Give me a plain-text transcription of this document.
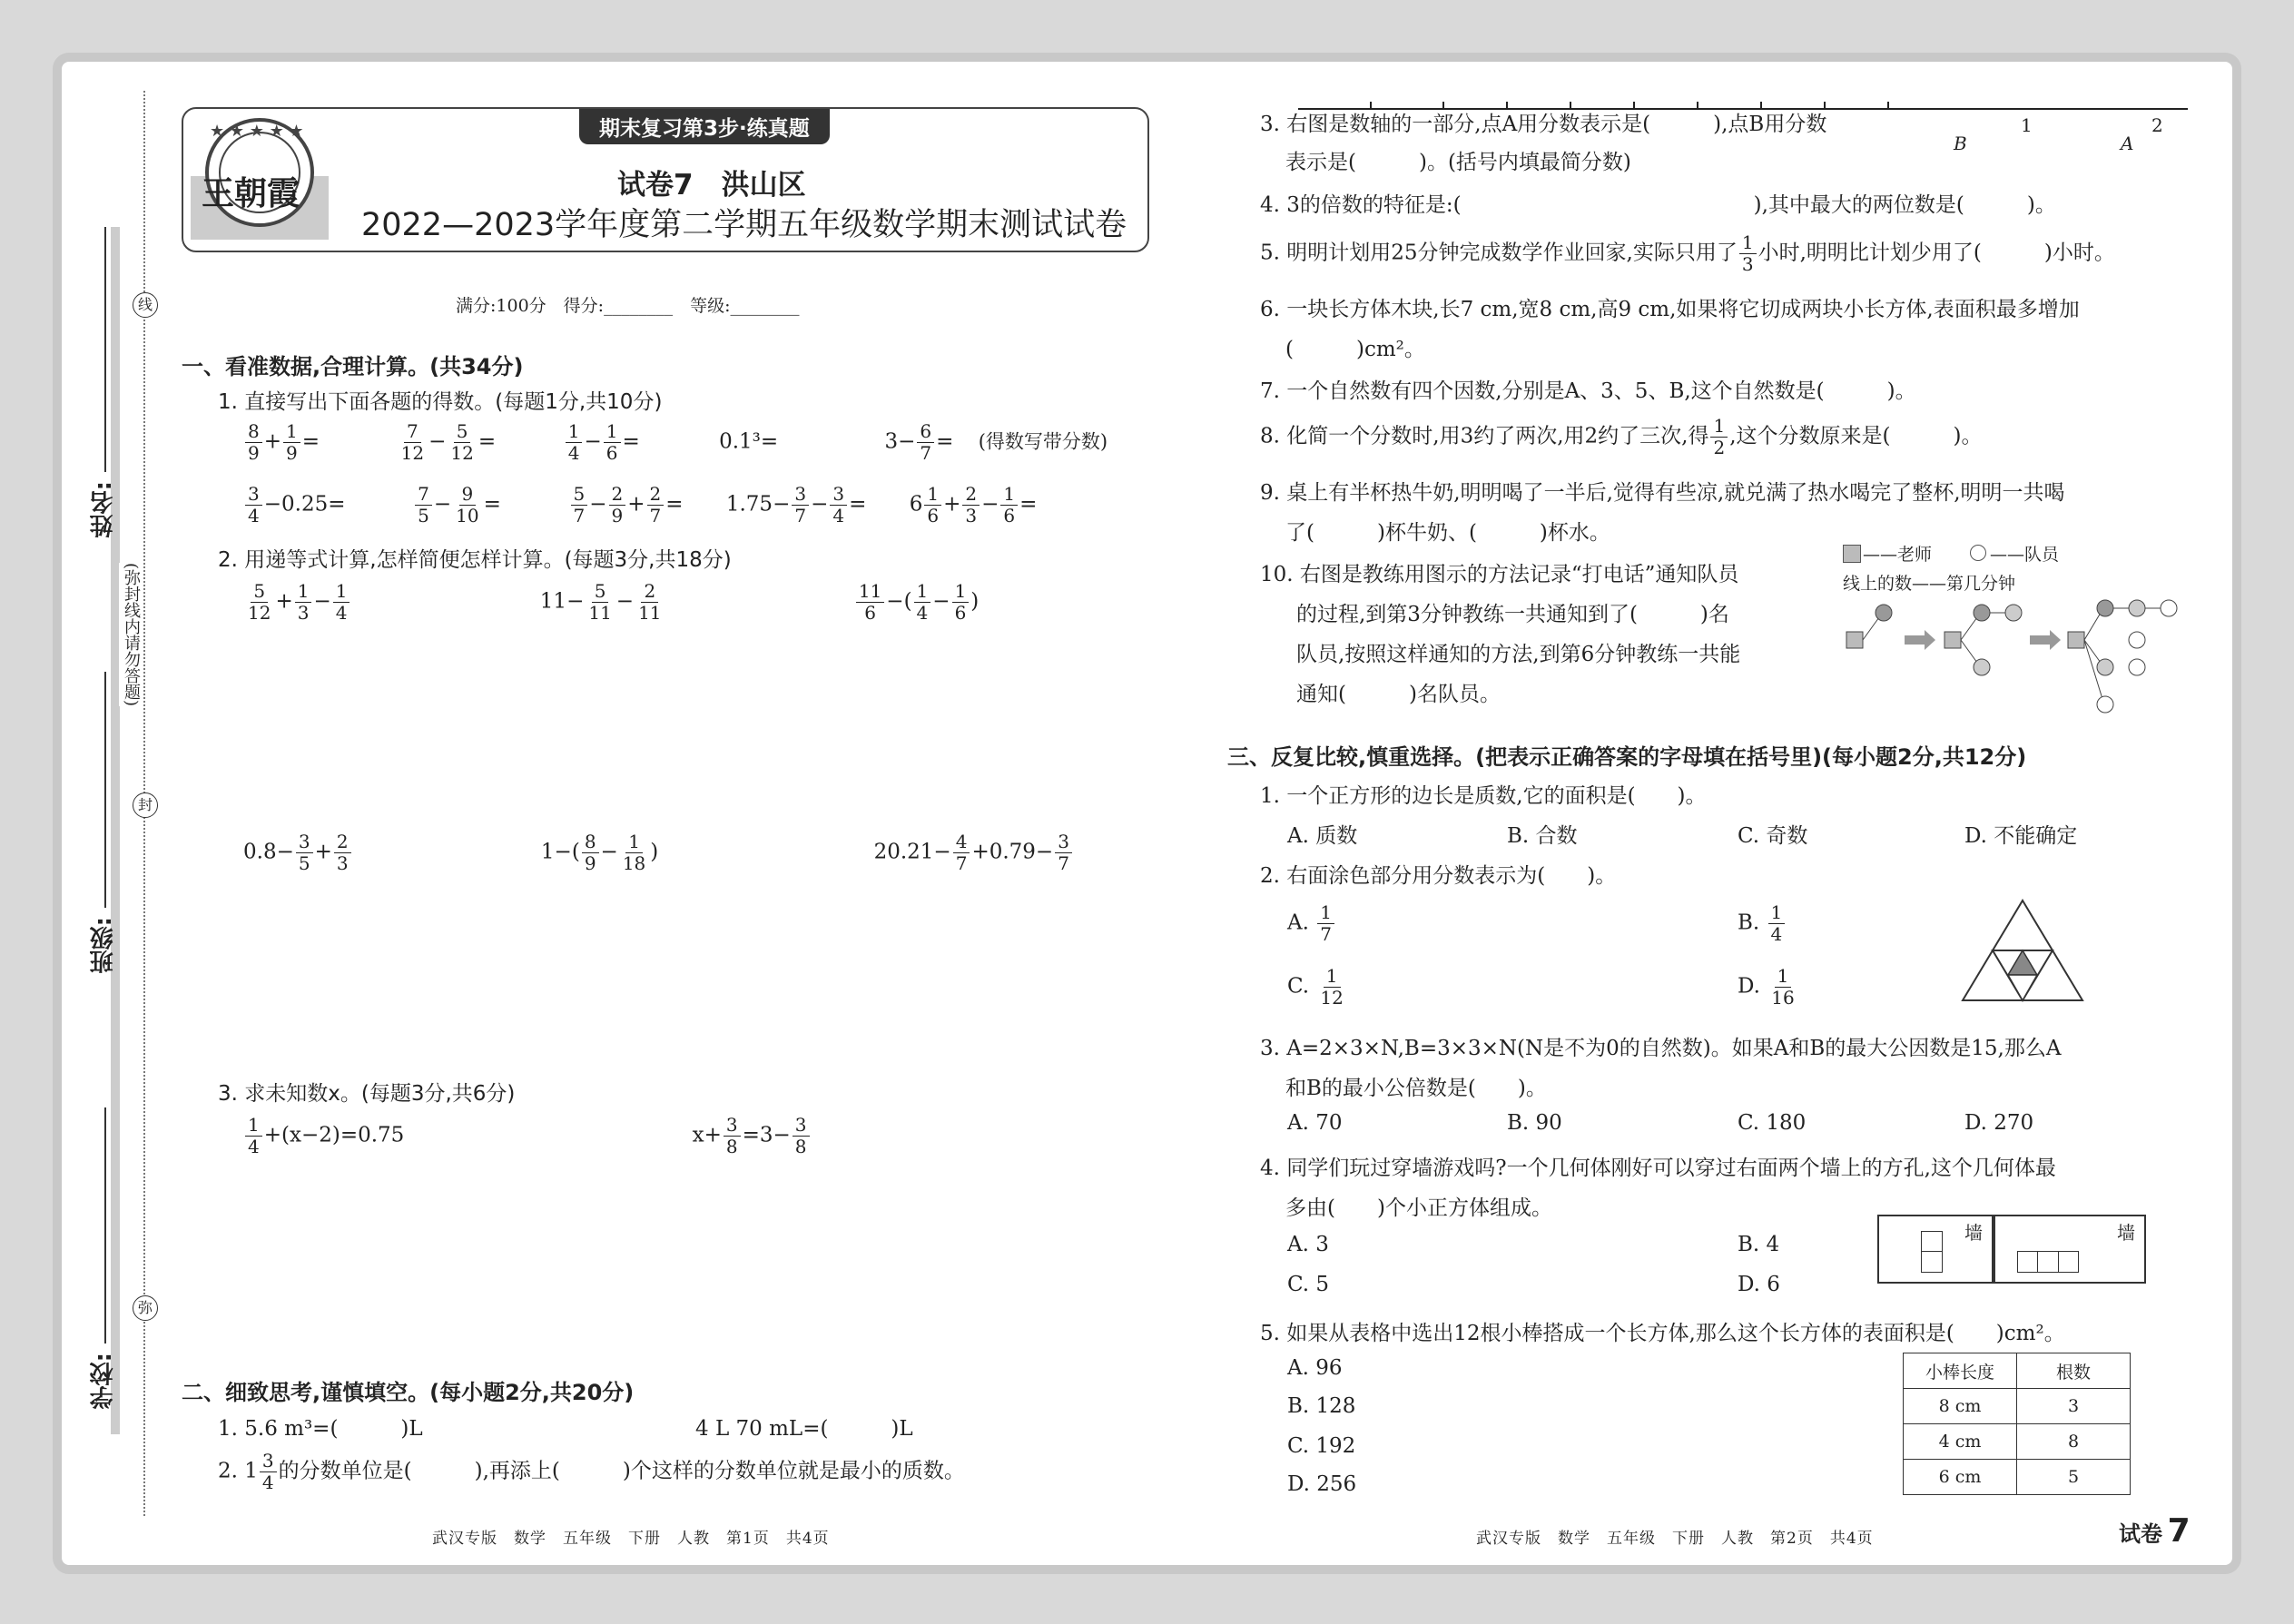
学校:
班级:
姓名:
线
封
弥
(弥封线内请勿答题)
★ ★ ★ ★ ★
王朝霞
期末复习第3步·练真题
试卷7　洪山区
2022—2023学年度第二学期五年级数学期末测试试卷
满分:100分　得分:________　等级:________
一、看准数据,合理计算。(共34分)
1. 直接写出下面各题的得数。(每题1分,共10分)
$\frac{8}{9} + \frac{1}{9}$ =	$\frac{7}{12} - \frac{5}{12}$ =	$\frac{1}{4} - \frac{1}{6}$ =	0.1³=	$3- \frac{6}{7}$ = (得数写带分数)
$\frac{3}{4} -0.25=$	$\frac{7}{5} - \frac{9}{10}$ =	$\frac{5}{7} - \frac{2}{9} + \frac{2}{7} = 1.75- \frac{3}{7} - \frac{3}{4} = 6 \frac{1}{6} + \frac{2}{3} - \frac{1}{6}$ =
2. 用递等式计算,怎样简便怎样计算。(每题3分,共18分)
$\frac{5}{12} + \frac{1}{3} - \frac{1}{4}$	$11- \frac{5}{11} - \frac{2}{11}$
	$\frac{11}{6}$ −( $\frac{1}{4} - \frac{1}{6}$ )
$0.8- \frac{3}{5} + \frac{2}{3}$	$1-( \frac{8}{9} - \frac{1}{18}$ )	$20.21- \frac{4}{7} +0.79- \frac{3}{7}$
3. 求未知数x。(每题3分,共6分)
$\frac{1}{4} +(x-2)=0.75$	$x+ \frac{3}{8} =3- \frac{3}{8}$
二、细致思考,谨慎填空。(每小题2分,共20分)
1. 5.6 m³=(　　　)L	4 L 70 mL=(　　　)L
2. $1 \frac{3}{4}$ 的分数单位是(　　　),再添上(　　　)个这样的分数单位就是最小的质数。
3. 右图是数轴的一部分,点A用分数表示是(　　　),点B用分数
表示是(　　　)。(括号内填最简分数)
1	2
B	A
4. 3的倍数的特征是:(　　　　　　　　　　　　　　),其中最大的两位数是(　　　)。
5. 明明计划用25分钟完成数学作业回家,实际只用了 $\frac{1}{3}$ 小时,明明比计划少用了(　　　)小时。
6. 一块长方体木块,长7 cm,宽8 cm,高9 cm,如果将它切成两块小长方体,表面积最多增加
(　　　)cm²。
7. 一个自然数有四个因数,分别是A、3、5、B,这个自然数是(　　　)。
8. 化简一个分数时,用3约了两次,用2约了三次,得 $\frac{1}{2}$ ,这个分数原来是(　　　)。
9. 桌上有半杯热牛奶,明明喝了一半后,觉得有些凉,就兑满了热水喝完了整杯,明明一共喝
了(　　　)杯牛奶、(　　　)杯水。
10. 右图是教练用图示的方法记录“打电话”通知队员
的过程,到第3分钟教练一共通知到了(　　　)名
队员,按照这样通知的方法,到第6分钟教练一共能
通知(　　　)名队员。
——老师	——队员
线上的数——第几分钟
三、反复比较,慎重选择。(把表示正确答案的字母填在括号里)(每小题2分,共12分)
1. 一个正方形的边长是质数,它的面积是(　　)。
A. 质数	B. 合数	C. 奇数	D. 不能确定
2. 右面涂色部分用分数表示为(　　)。
A. $\frac{1}{7}$	B. $\frac{1}{4}$
C. $\frac{1}{12}$	D. $\frac{1}{16}$
3. A=2×3×N,B=3×3×N(N是不为0的自然数)。如果A和B的最大公因数是15,那么A
和B的最小公倍数是(　　)。
A. 70	B. 90	C. 180	D. 270
4. 同学们玩过穿墙游戏吗?一个几何体刚好可以穿过右面两个墙上的方孔,这个几何体最
多由(　　)个小正方体组成。
A. 3	B. 4
C. 5	D. 6
墙	墙
5. 如果从表格中选出12根小棒搭成一个长方体,那么这个长方体的表面积是(　　)cm²。
A. 96
B. 128
C. 192
D. 256
小棒长度	根数
8 cm	3
4 cm	8
6 cm	5
武汉专版　数学　五年级　下册　人教　第1页　共4页	武汉专版　数学　五年级　下册　人教　第2页　共4页	试卷 7
